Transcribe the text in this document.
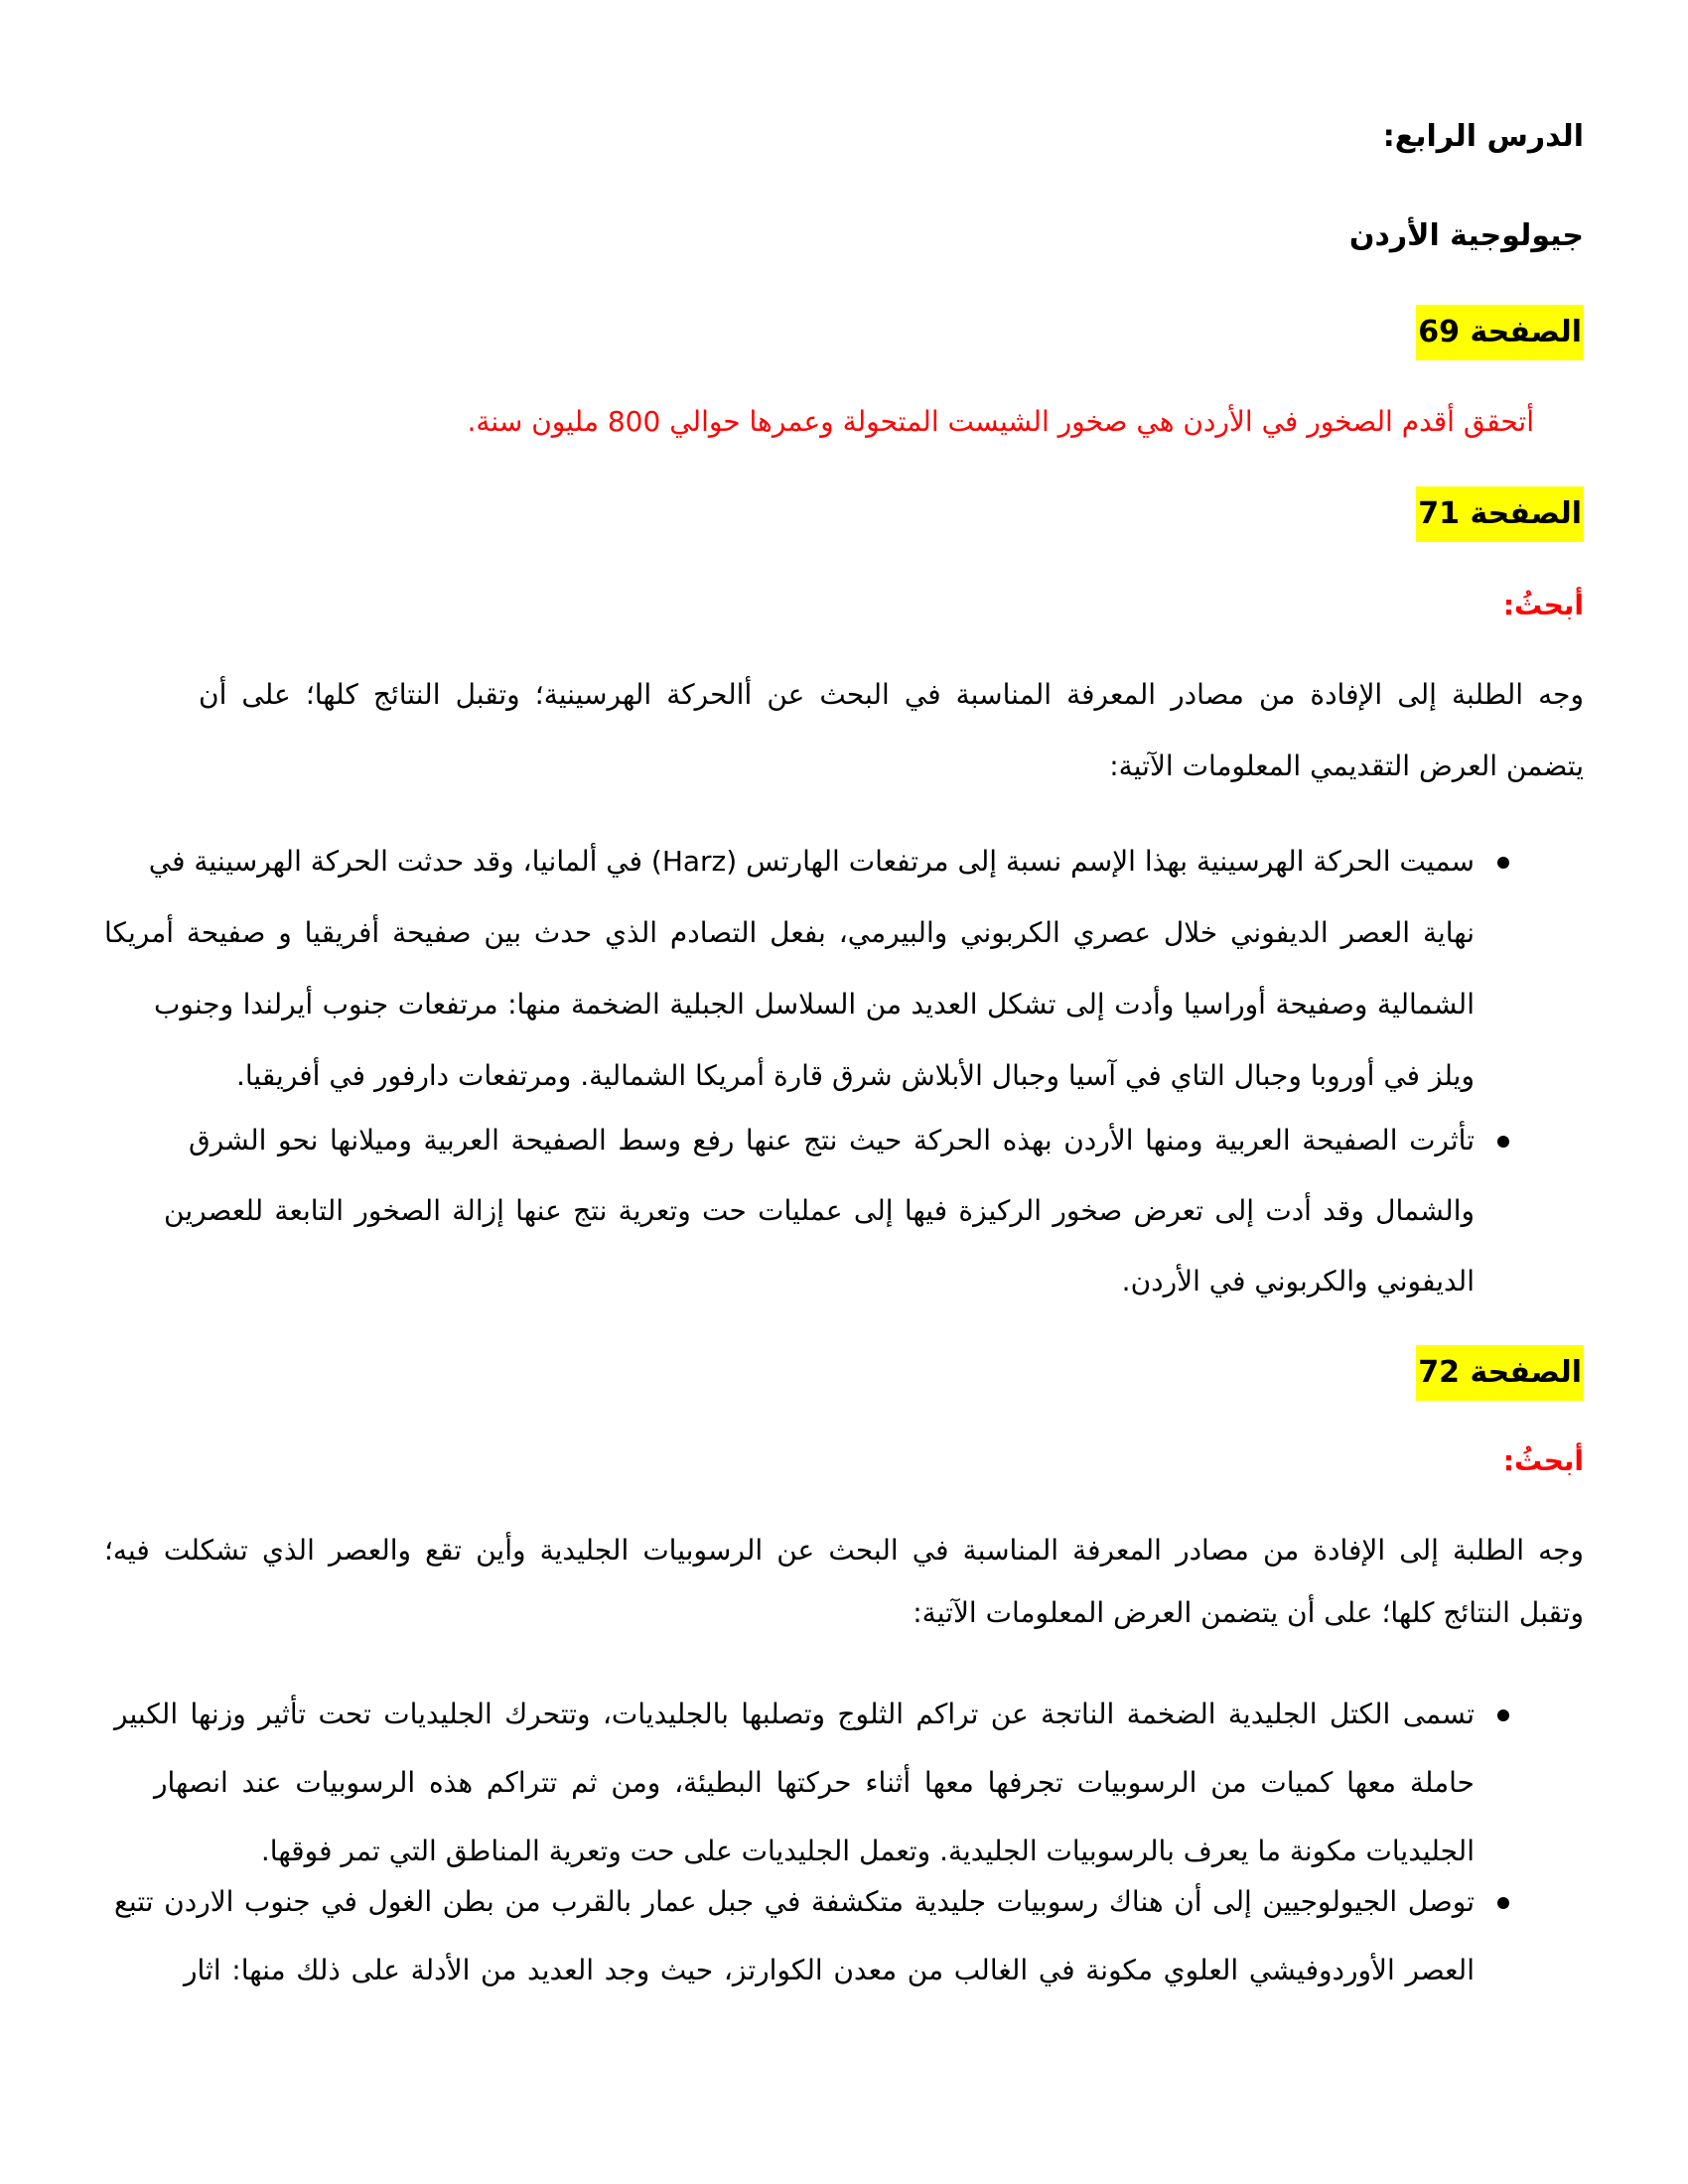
الدرس الرابع:
جيولوجية الأردن
الصفحة 69
أتحقق أقدم الصخور في الأردن هي صخور الشيست المتحولة وعمرها حوالي 800 مليون سنة.
الصفحة 71
أبحثُ:
وجه الطلبة إلى الإفادة من مصادر المعرفة المناسبة في البحث عن أالحركة الهرسينية؛ وتقبل النتائج كلها؛ على أن
يتضمن العرض التقديمي المعلومات الآتية:
سميت الحركة الهرسينية بهذا الإسم نسبة إلى مرتفعات الهارتس (Harz) في ألمانيا، وقد حدثت الحركة الهرسينية في
نهاية العصر الديفوني خلال عصري الكربوني والبيرمي، بفعل التصادم الذي حدث بين صفيحة أفريقيا و صفيحة أمريكا
الشمالية وصفيحة أوراسيا وأدت إلى تشكل العديد من السلاسل الجبلية الضخمة منها: مرتفعات جنوب أيرلندا وجنوب
ويلز في أوروبا وجبال التاي في آسيا وجبال الأبلاش شرق قارة أمريكا الشمالية. ومرتفعات دارفور في أفريقيا.
تأثرت الصفيحة العربية ومنها الأردن بهذه الحركة حيث نتج عنها رفع وسط الصفيحة العربية وميلانها نحو الشرق
والشمال وقد أدت إلى تعرض صخور الركيزة فيها إلى عمليات حت وتعرية نتج عنها إزالة الصخور التابعة للعصرين
الديفوني والكربوني في الأردن.
الصفحة 72
أبحثُ:
وجه الطلبة إلى الإفادة من مصادر المعرفة المناسبة في البحث عن الرسوبيات الجليدية وأين تقع والعصر الذي تشكلت فيه؛
وتقبل النتائج كلها؛ على أن يتضمن العرض المعلومات الآتية:
تسمى الكتل الجليدية الضخمة الناتجة عن تراكم الثلوج وتصلبها بالجليديات، وتتحرك الجليديات تحت تأثير وزنها الكبير
حاملة معها كميات من الرسوبيات تجرفها معها أثناء حركتها البطيئة، ومن ثم تتراكم هذه الرسوبيات عند انصهار
الجليديات مكونة ما يعرف بالرسوبيات الجليدية. وتعمل الجليديات على حت وتعرية المناطق التي تمر فوقها.
توصل الجيولوجيين إلى أن هناك رسوبيات جليدية متكشفة في جبل عمار بالقرب من بطن الغول في جنوب الاردن تتبع
العصر الأوردوفيشي العلوي مكونة في الغالب من معدن الكوارتز، حيث وجد العديد من الأدلة على ذلك منها: اثار
